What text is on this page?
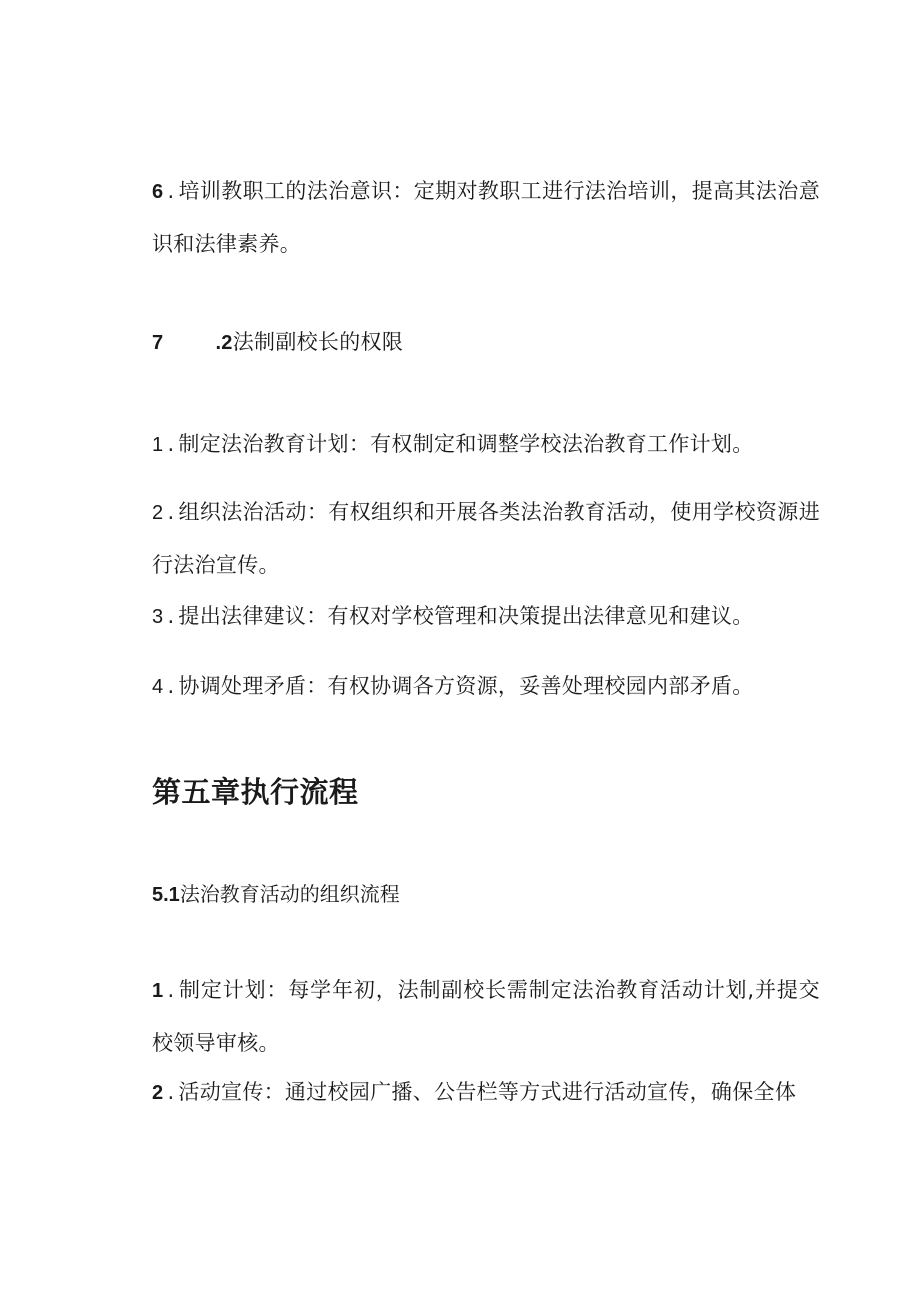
6 . 培训教职工的法治意识：定期对教职工进行法治培训，提高其法治意识和法律素养。
7	.2法制副校长的权限
1 . 制定法治教育计划：有权制定和调整学校法治教育工作计划。
2 . 组织法治活动：有权组织和开展各类法治教育活动，使用学校资源进行法治宣传。
3 . 提出法律建议：有权对学校管理和决策提出法律意见和建议。
4 . 协调处理矛盾：有权协调各方资源，妥善处理校园内部矛盾。
第五章执行流程
5.1法治教育活动的组织流程
1 . 制定计划：每学年初，法制副校长需制定法治教育活动计划,并提交校领导审核。
2 . 活动宣传：通过校园广播、公告栏等方式进行活动宣传，确保全体
